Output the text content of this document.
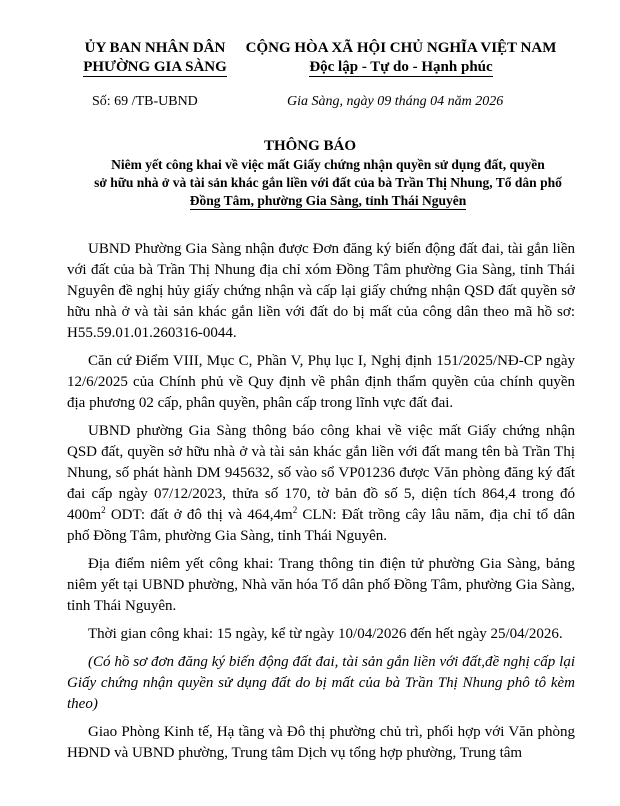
ỦY BAN NHÂN DÂN
PHƯỜNG GIA SÀNG
CỘNG HÒA XÃ HỘI CHỦ NGHĨA VIỆT NAM
Độc lập - Tự do - Hạnh phúc
Số: 69 /TB-UBND	Gia Sàng, ngày 09 tháng 04 năm 2026
THÔNG BÁO
Niêm yết công khai về việc mất Giấy chứng nhận quyền sử dụng đất, quyền
sở hữu nhà ở và tài sản khác gắn liền với đất của bà Trần Thị Nhung, Tổ dân phố
Đồng Tâm, phường Gia Sàng, tỉnh Thái Nguyên

UBND Phường Gia Sàng nhận được Đơn đăng ký biến động đất đai, tài gắn liền với đất của bà Trần Thị Nhung địa chỉ xóm Đồng Tâm phường Gia Sàng, tỉnh Thái Nguyên đề nghị hủy giấy chứng nhận và cấp lại giấy chứng nhận QSD đất quyền sở hữu nhà ở và tài sản khác gắn liền với đất do bị mất của công dân theo mã hồ sơ: H55.59.01.01.260316-0044.

Căn cứ Điểm VIII, Mục C, Phần V, Phụ lục I, Nghị định 151/2025/NĐ-CP ngày 12/6/2025 của Chính phủ về Quy định về phân định thẩm quyền của chính quyền địa phương 02 cấp, phân quyền, phân cấp trong lĩnh vực đất đai.

UBND phường Gia Sàng thông báo công khai về việc mất Giấy chứng nhận QSD đất, quyền sở hữu nhà ở và tài sản khác gắn liền với đất mang tên bà Trần Thị Nhung, số phát hành DM 945632, số vào sổ VP01236 được Văn phòng đăng ký đất đai cấp ngày 07/12/2023, thửa số 170, tờ bản đồ số 5, diện tích 864,4 trong đó $400m^2$ ODT: đất ở đô thị và $464,4m^2$ CLN: Đất trồng cây lâu năm, địa chỉ tổ dân phố Đồng Tâm, phường Gia Sàng, tỉnh Thái Nguyên.

Địa điểm niêm yết công khai: Trang thông tin điện tử phường Gia Sàng, bảng niêm yết tại UBND phường, Nhà văn hóa Tổ dân phố Đồng Tâm, phường Gia Sàng, tỉnh Thái Nguyên.

Thời gian công khai: 15 ngày, kể từ ngày 10/04/2026 đến hết ngày 25/04/2026.

(Có hồ sơ đơn đăng ký biến động đất đai, tài sản gắn liền với đất,đề nghị cấp lại Giấy chứng nhận quyền sử dụng đất do bị mất của bà Trần Thị Nhung phô tô kèm theo)

Giao Phòng Kinh tế, Hạ tầng và Đô thị phường chủ trì, phối hợp với Văn phòng HĐND và UBND phường, Trung tâm Dịch vụ tổng hợp phường, Trung tâm
